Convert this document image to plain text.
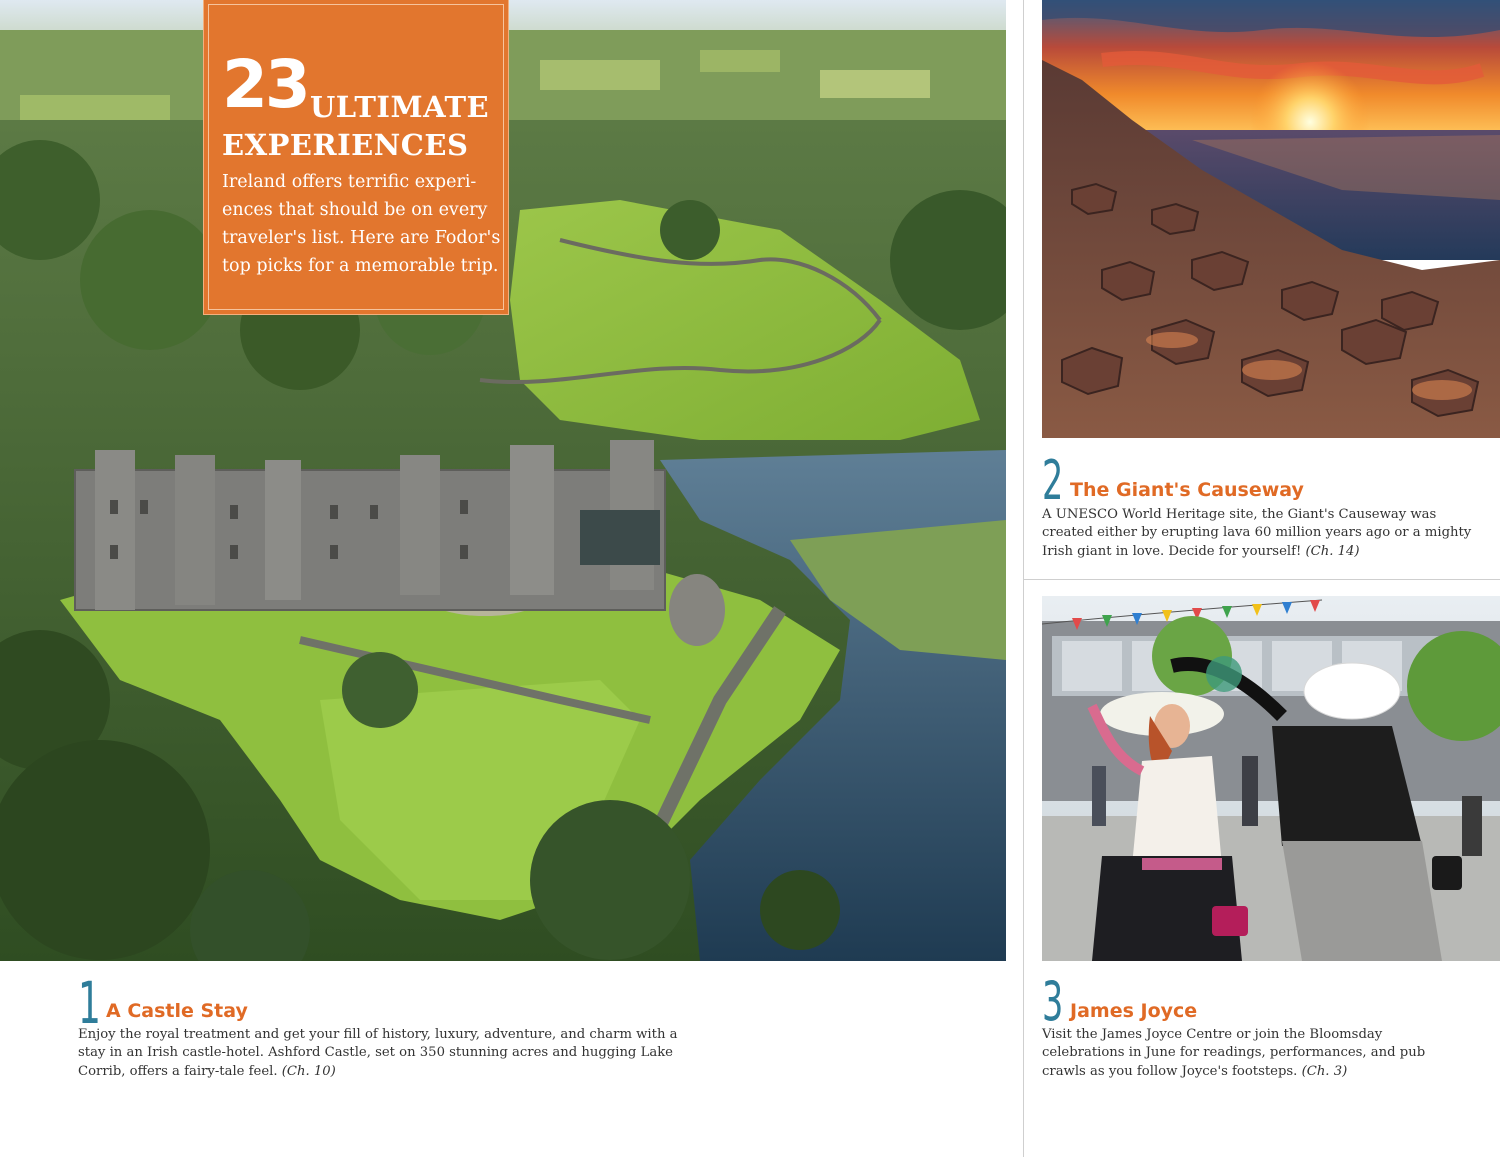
23 ULTIMATE
EXPERIENCES
Ireland offers terrific experi-ences that should be on every traveler's list. Here are Fodor's top picks for a memorable trip.
2 The Giant's Causeway
A UNESCO World Heritage site, the Giant's Causeway was created either by erupting lava 60 million years ago or a mighty Irish giant in love. Decide for yourself! (Ch. 14)
3 James Joyce
Visit the James Joyce Centre or join the Bloomsday celebrations in June for readings, performances, and pub crawls as you follow Joyce's footsteps. (Ch. 3)
1 A Castle Stay
Enjoy the royal treatment and get your fill of history, luxury, adventure, and charm with a stay in an Irish castle-hotel. Ashford Castle, set on 350 stunning acres and hugging Lake Corrib, offers a fairy-tale feel. (Ch. 10)
